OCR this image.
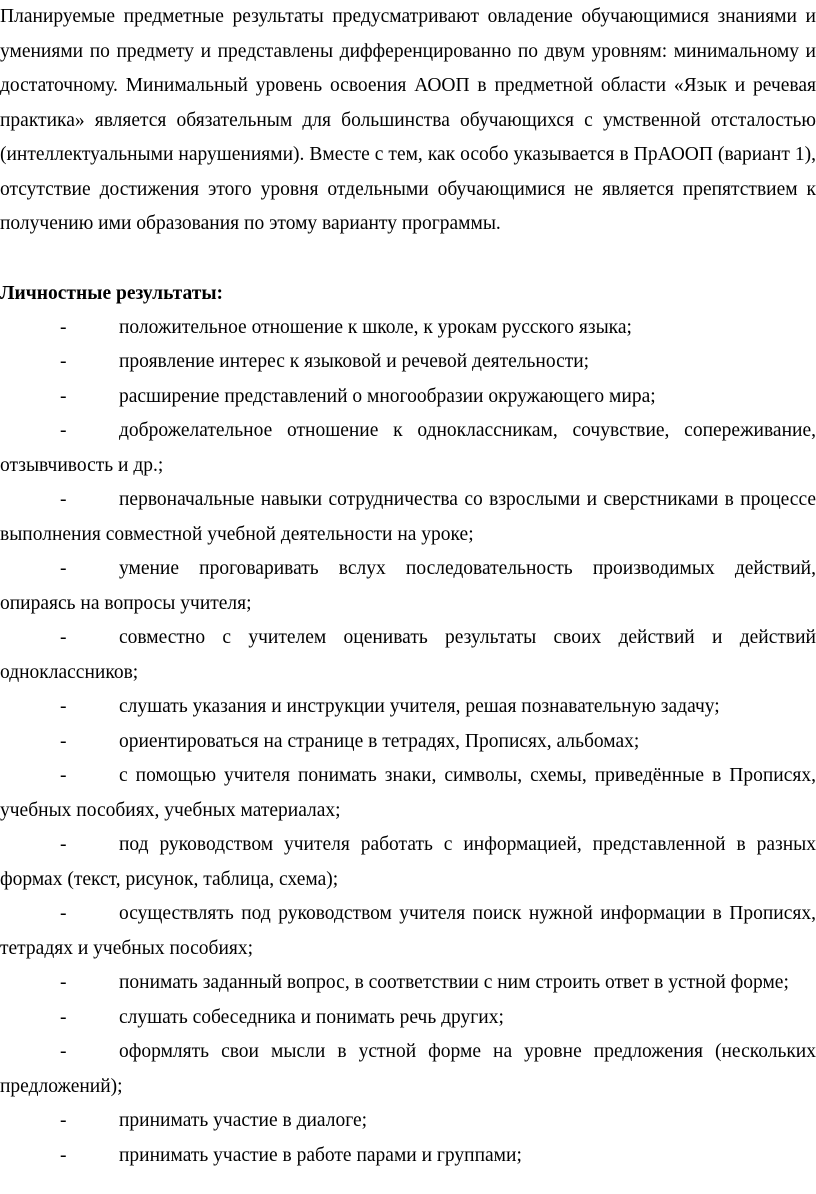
Планируемые предметные результаты предусматривают овладение обучающимися знаниями и умениями по предмету и представлены дифференцированно по двум уровням: минимальному и достаточному. Минимальный уровень освоения АООП в предметной области «Язык и речевая практика» является обязательным для большинства обучающихся с умственной отсталостью (интеллектуальными нарушениями). Вместе с тем, как особо указывается в ПрАООП (вариант 1), отсутствие достижения этого уровня отдельными обучающимися не является препятствием к получению ими образования по этому варианту программы.

Личностные результаты:

-	положительное отношение к школе, к урокам русского языка;

-	проявление интерес к языковой и речевой деятельности;

-	расширение представлений о многообразии окружающего мира;

-	доброжелательное отношение к одноклассникам, сочувствие, сопереживание, отзывчивость и др.;

-	первоначальные навыки сотрудничества со взрослыми и сверстниками в процессе выполнения совместной учебной деятельности на уроке;

-	умение проговаривать вслух последовательность производимых действий, опираясь на вопросы учителя;

-	совместно с учителем оценивать результаты своих действий и действий одноклассников;

-	слушать указания и инструкции учителя, решая познавательную задачу;

-	ориентироваться на странице в тетрадях, Прописях, альбомах;

-	с помощью учителя понимать знаки, символы, схемы, приведённые в Прописях, учебных пособиях, учебных материалах;

-	под руководством учителя работать с информацией, представленной в разных формах (текст, рисунок, таблица, схема);

-	осуществлять под руководством учителя поиск нужной информации в Прописях, тетрадях и учебных пособиях;

-	понимать заданный вопрос, в соответствии с ним строить ответ в устной форме;

-	слушать собеседника и понимать речь других;

-	оформлять свои мысли в устной форме на уровне предложения (нескольких предложений);

-	принимать участие в диалоге;

-	принимать участие в работе парами и группами;
